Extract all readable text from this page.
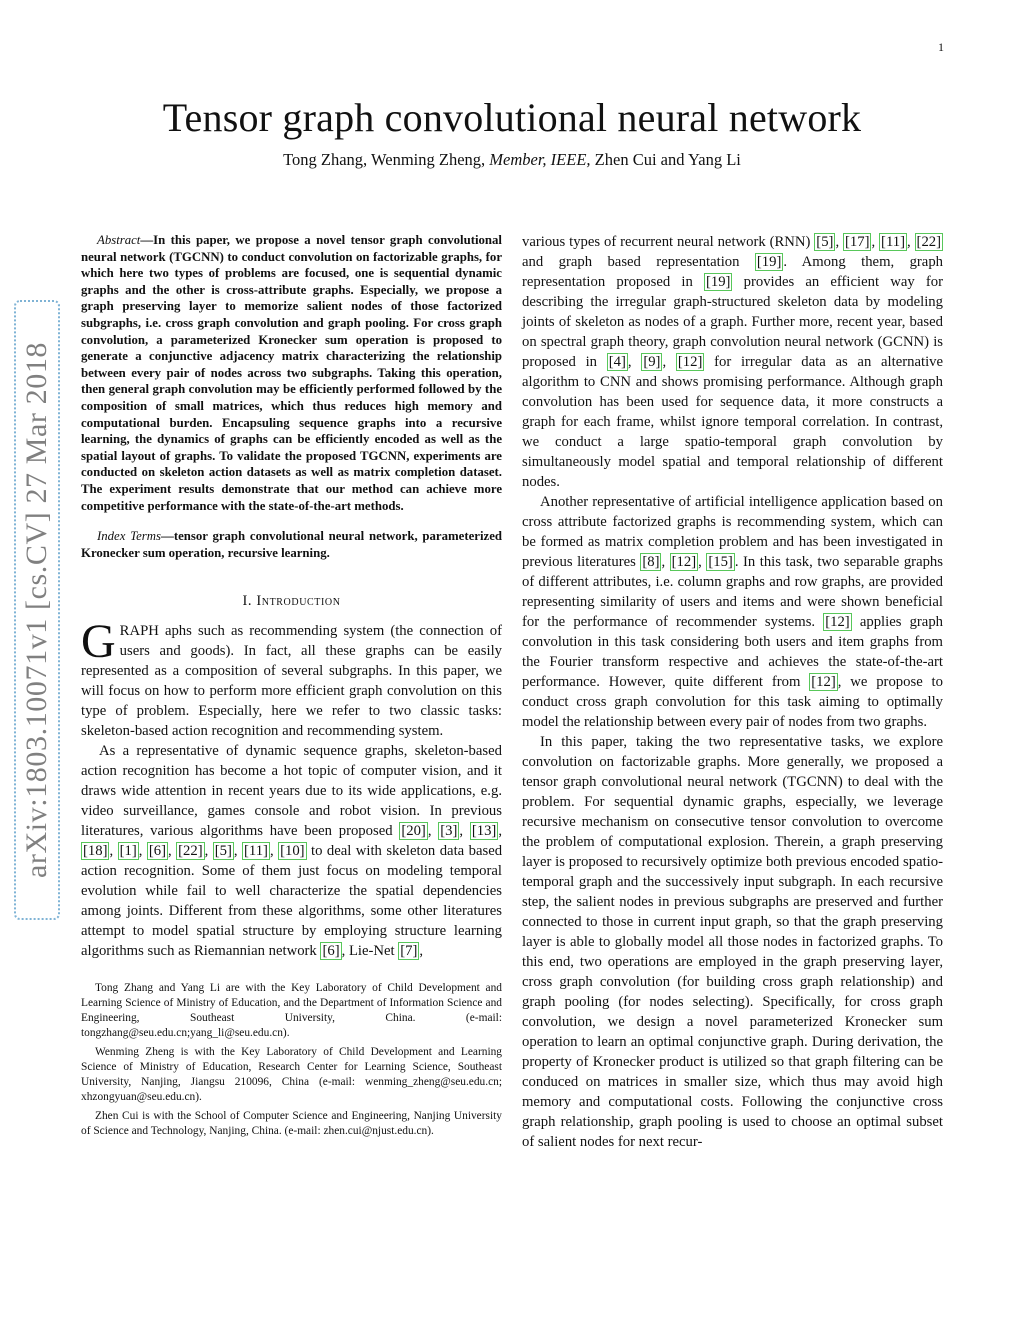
1
Tensor graph convolutional neural network
Tong Zhang, Wenming Zheng, Member, IEEE, Zhen Cui and Yang Li
arXiv:1803.10071v1 [cs.CV] 27 Mar 2018

Abstract—In this paper, we propose a novel tensor graph convolutional neural network (TGCNN) to conduct convolution on factorizable graphs, for which here two types of problems are focused, one is sequential dynamic graphs and the other is cross-attribute graphs. Especially, we propose a graph preserving layer to memorize salient nodes of those factorized subgraphs, i.e. cross graph convolution and graph pooling. For cross graph convolution, a parameterized Kronecker sum operation is proposed to generate a conjunctive adjacency matrix characterizing the relationship between every pair of nodes across two subgraphs. Taking this operation, then general graph convolution may be efficiently performed followed by the composition of small matrices, which thus reduces high memory and computational burden. Encapsuling sequence graphs into a recursive learning, the dynamics of graphs can be efficiently encoded as well as the spatial layout of graphs. To validate the proposed TGCNN, experiments are conducted on skeleton action datasets as well as matrix completion dataset. The experiment results demonstrate that our method can achieve more competitive performance with the state-of-the-art methods.

Index Terms—tensor graph convolutional neural network, parameterized Kronecker sum operation, recursive learning.

I. Introduction

GRAPH aphs such as recommending system (the connection of users and goods). In fact, all these graphs can be easily represented as a composition of several subgraphs. In this paper, we will focus on how to perform more efficient graph convolution on this type of problem. Especially, here we refer to two classic tasks: skeleton-based action recognition and recommending system.

As a representative of dynamic sequence graphs, skeleton-based action recognition has become a hot topic of computer vision, and it draws wide attention in recent years due to its wide applications, e.g. video surveillance, games console and robot vision. In previous literatures, various algorithms have been proposed [20] , [3] , [13] , [18] , [1] , [6] , [22] , [5] , [11] , [10] to deal with skeleton data based action recognition. Some of them just focus on modeling temporal evolution while fail to well characterize the spatial dependencies among joints. Different from these algorithms, some other literatures attempt to model spatial structure by employing structure learning algorithms such as Riemannian network [6] , Lie-Net [7] ,

Tong Zhang and Yang Li are with the Key Laboratory of Child Development and Learning Science of Ministry of Education, and the Department of Information Science and Engineering, Southeast University, China. (e-mail: tongzhang@seu.edu.cn;yang_li@seu.edu.cn).

Wenming Zheng is with the Key Laboratory of Child Development and Learning Science of Ministry of Education, Research Center for Learning Science, Southeast University, Nanjing, Jiangsu 210096, China (e-mail: wenming_zheng@seu.edu.cn; xhzongyuan@seu.edu.cn).

Zhen Cui is with the School of Computer Science and Engineering, Nanjing University of Science and Technology, Nanjing, China. (e-mail: zhen.cui@njust.edu.cn).

various types of recurrent neural network (RNN) [5] , [17] , [11] , [22] and graph based representation [19] . Among them, graph representation proposed in [19] provides an efficient way for describing the irregular graph-structured skeleton data by modeling joints of skeleton as nodes of a graph. Further more, recent year, based on spectral graph theory, graph convolution neural network (GCNN) is proposed in [4] , [9] , [12] for irregular data as an alternative algorithm to CNN and shows promising performance. Although graph convolution has been used for sequence data, it more constructs a graph for each frame, whilst ignore temporal correlation. In contrast, we conduct a large spatio-temporal graph convolution by simultaneously model spatial and temporal relationship of different nodes.

Another representative of artificial intelligence application based on cross attribute factorized graphs is recommending system, which can be formed as matrix completion problem and has been investigated in previous literatures [8] , [12] , [15] . In this task, two separable graphs of different attributes, i.e. column graphs and row graphs, are provided representing similarity of users and items and were shown beneficial for the performance of recommender systems. [12] applies graph convolution in this task considering both users and item graphs from the Fourier transform respective and achieves the state-of-the-art performance. However, quite different from [12] , we propose to conduct cross graph convolution for this task aiming to optimally model the relationship between every pair of nodes from two graphs.

In this paper, taking the two representative tasks, we explore convolution on factorizable graphs. More generally, we proposed a tensor graph convolutional neural network (TGCNN) to deal with the problem. For sequential dynamic graphs, especially, we leverage recursive mechanism on consecutive tensor convolution to overcome the problem of computational explosion. Therein, a graph preserving layer is proposed to recursively optimize both previous encoded spatio-temporal graph and the successively input subgraph. In each recursive step, the salient nodes in previous subgraphs are preserved and further connected to those in current input graph, so that the graph preserving layer is able to globally model all those nodes in factorized graphs. To this end, two operations are employed in the graph preserving layer, cross graph convolution (for building cross graph relationship) and graph pooling (for nodes selecting). Specifically, for cross graph convolution, we design a novel parameterized Kronecker sum operation to learn an optimal conjunctive graph. During derivation, the property of Kronecker product is utilized so that graph filtering can be conduced on matrices in smaller size, which thus may avoid high memory and computational costs. Following the conjunctive cross graph relationship, graph pooling is used to choose an optimal subset of salient nodes for next recur-
